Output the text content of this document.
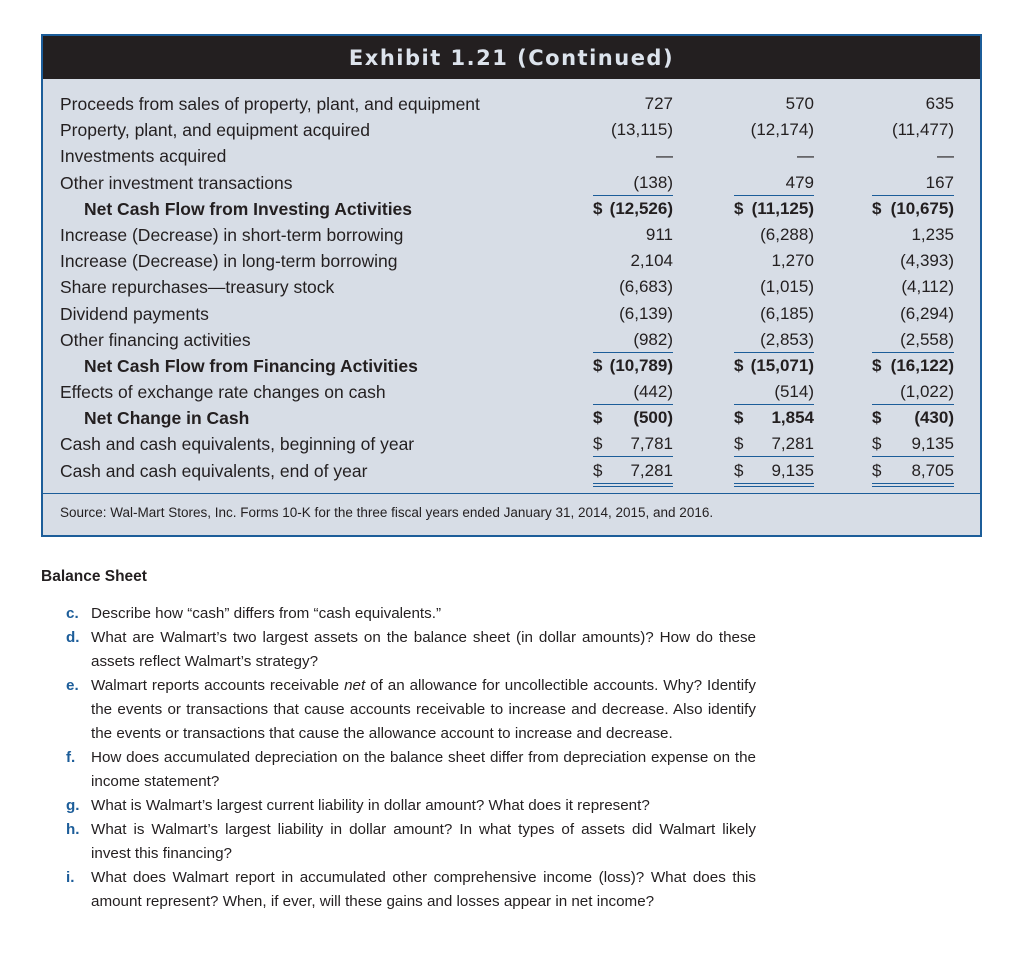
Exhibit 1.21 (Continued)
Proceeds from sales of property, plant, and equipment	727	570	635
Property, plant, and equipment acquired	(13,115)	(12,174)	(11,477)
Investments acquired	—	—	—
Other investment transactions	(138)	479	167
Net Cash Flow from Investing Activities	$ (12,526)	$ (11,125)	$ (10,675)
Increase (Decrease) in short-term borrowing	911	(6,288)	1,235
Increase (Decrease) in long-term borrowing	2,104	1,270	(4,393)
Share repurchases—treasury stock	(6,683)	(1,015)	(4,112)
Dividend payments	(6,139)	(6,185)	(6,294)
Other financing activities	(982)	(2,853)	(2,558)
Net Cash Flow from Financing Activities	$ (10,789)	$ (15,071)	$ (16,122)
Effects of exchange rate changes on cash	(442)	(514)	(1,022)
Net Change in Cash	$	(500)	$	1,854	$	(430)
Cash and cash equivalents, beginning of year	$	7,781	$	7,281	$	9,135
Cash and cash equivalents, end of year	$	7,281	$	9,135	$	8,705
Source: Wal-Mart Stores, Inc. Forms 10-K for the three fiscal years ended January 31, 2014, 2015, and 2016.
Balance Sheet
c. Describe how “cash” differs from “cash equivalents.”
d. What are Walmart’s two largest assets on the balance sheet (in dollar amounts)? How do these assets reflect Walmart’s strategy?
e. Walmart reports accounts receivable net of an allowance for uncollectible accounts. Why? Identify the events or transactions that cause accounts receivable to increase and decrease. Also identify the events or transactions that cause the allowance account to increase and decrease.
f. How does accumulated depreciation on the balance sheet differ from depreciation expense on the income statement?
g. What is Walmart’s largest current liability in dollar amount? What does it represent?
h. What is Walmart’s largest liability in dollar amount? In what types of assets did Walmart likely invest this financing?
i. What does Walmart report in accumulated other comprehensive income (loss)? What does this amount represent? When, if ever, will these gains and losses appear in net income?
